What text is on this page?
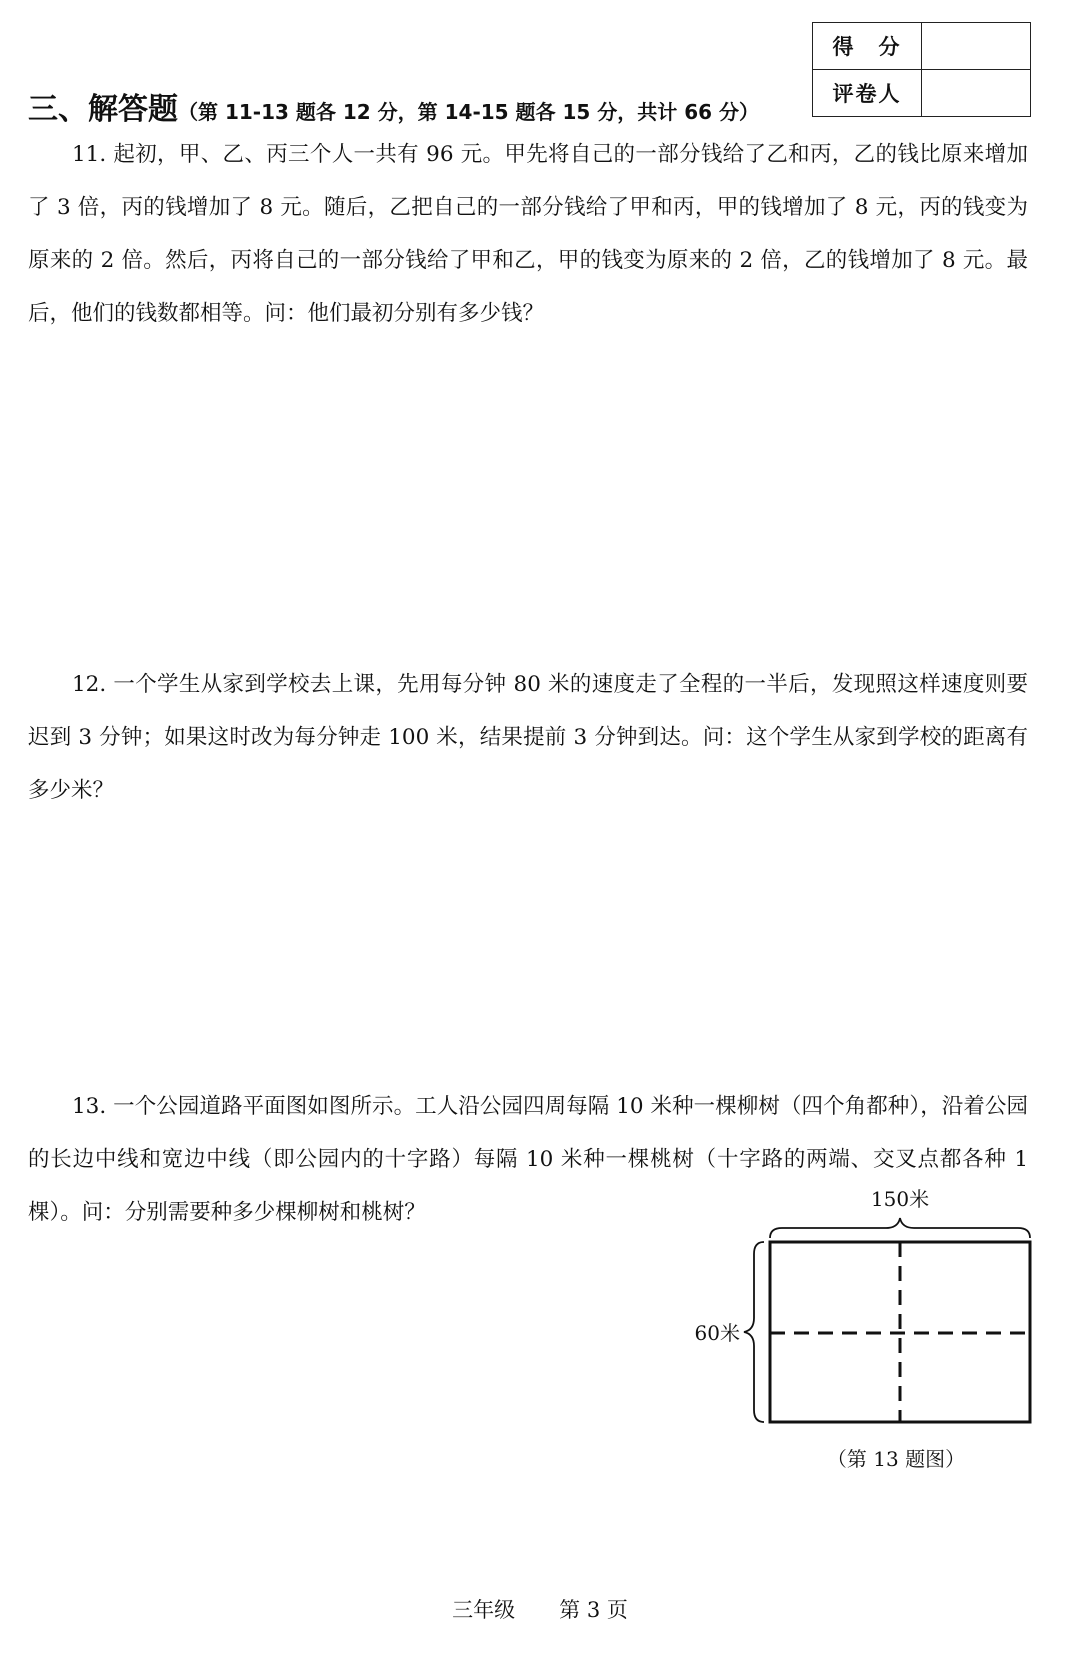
得　分	
评卷人	
三、解答题（第 11-13 题各 12 分，第 14-15 题各 15 分，共计 66 分）
11. 起初，甲、乙、丙三个人一共有 96 元。甲先将自己的一部分钱给了乙和丙，乙的钱比原来增加了 3 倍，丙的钱增加了 8 元。随后，乙把自己的一部分钱给了甲和丙，甲的钱增加了 8 元，丙的钱变为原来的 2 倍。然后，丙将自己的一部分钱给了甲和乙，甲的钱变为原来的 2 倍，乙的钱增加了 8 元。最后，他们的钱数都相等。问：他们最初分别有多少钱？
12. 一个学生从家到学校去上课，先用每分钟 80 米的速度走了全程的一半后，发现照这样速度则要迟到 3 分钟；如果这时改为每分钟走 100 米，结果提前 3 分钟到达。问：这个学生从家到学校的距离有多少米？
13. 一个公园道路平面图如图所示。工人沿公园四周每隔 10 米种一棵柳树（四个角都种），沿着公园的长边中线和宽边中线（即公园内的十字路）每隔 10 米种一棵桃树（十字路的两端、交叉点都各种 1 棵）。问：分别需要种多少棵柳树和桃树？
150米
60米
（第 13 题图）
三年级 第 3 页
